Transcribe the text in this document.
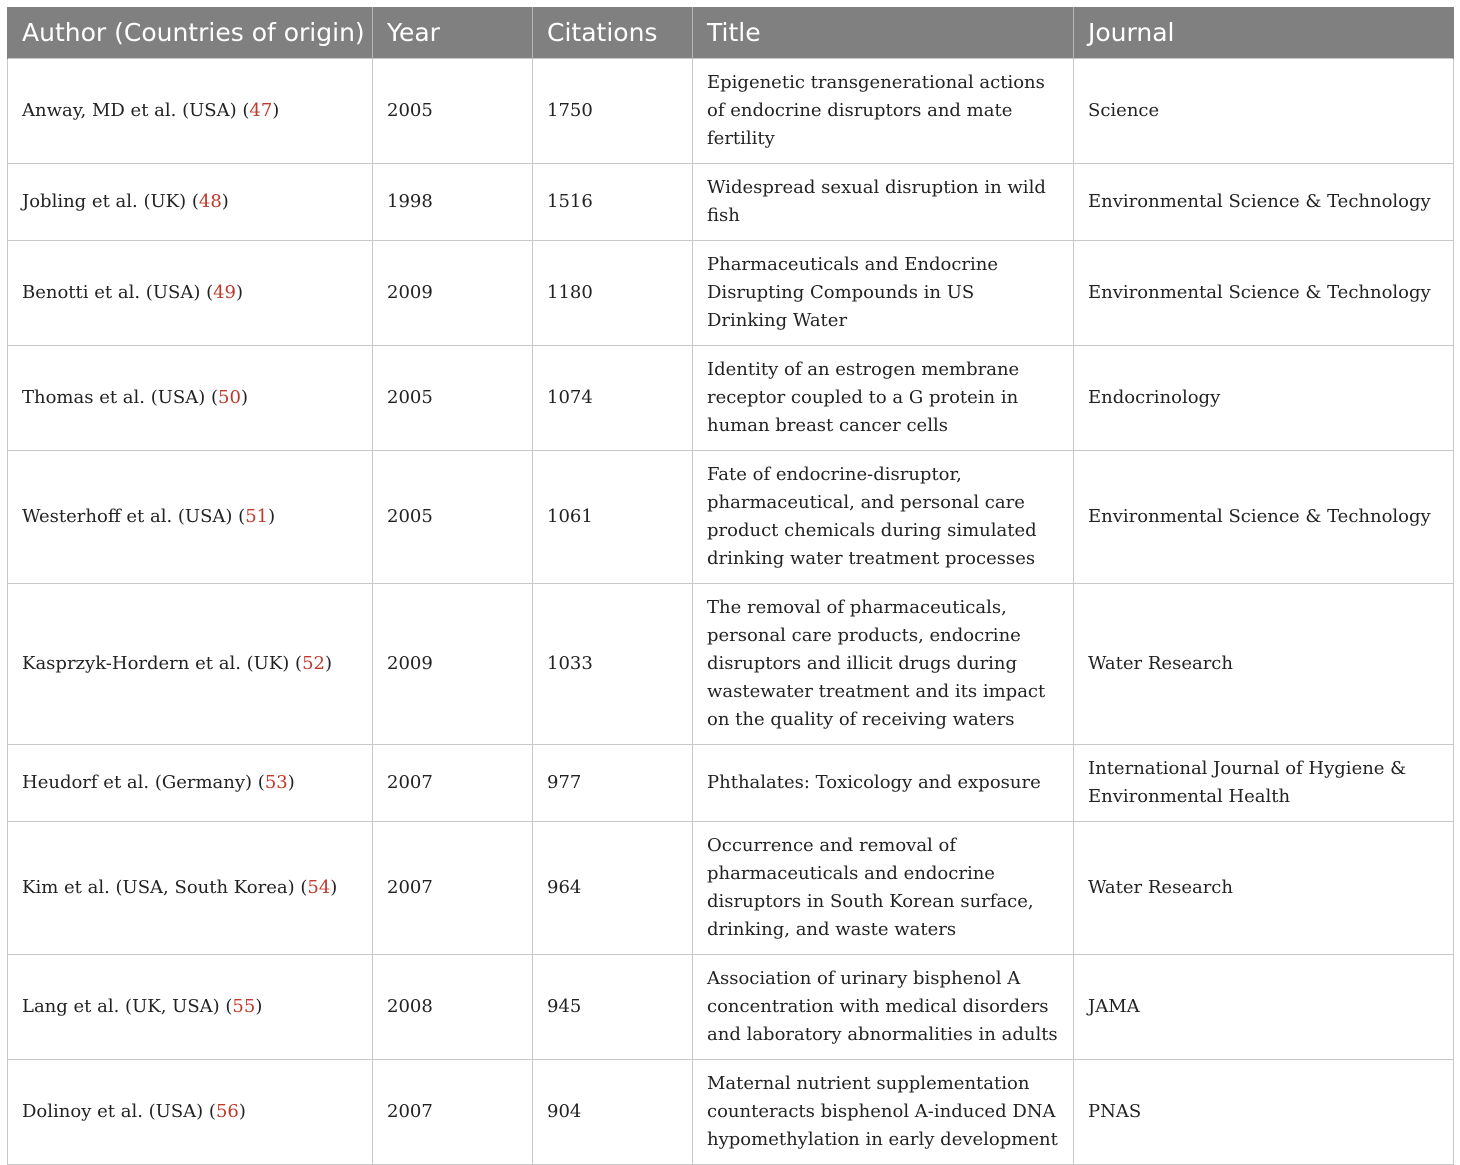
Author (Countries of origin)	Year	Citations	Title	Journal
Anway, MD et al. (USA) (47)	2005	1750	Epigenetic transgenerational actions of endocrine disruptors and mate fertility	Science
Jobling et al. (UK) (48)	1998	1516	Widespread sexual disruption in wild fish	Environmental Science & Technology
Benotti et al. (USA) (49)	2009	1180	Pharmaceuticals and Endocrine Disrupting Compounds in US Drinking Water	Environmental Science & Technology
Thomas et al. (USA) (50)	2005	1074	Identity of an estrogen membrane receptor coupled to a G protein in human breast cancer cells	Endocrinology
Westerhoff et al. (USA) (51)	2005	1061	Fate of endocrine-disruptor, pharmaceutical, and personal care product chemicals during simulated drinking water treatment processes	Environmental Science & Technology
Kasprzyk-Hordern et al. (UK) (52)	2009	1033	The removal of pharmaceuticals, personal care products, endocrine disruptors and illicit drugs during wastewater treatment and its impact on the quality of receiving waters	Water Research
Heudorf et al. (Germany) (53)	2007	977	Phthalates: Toxicology and exposure	International Journal of Hygiene & Environmental Health
Kim et al. (USA, South Korea) (54)	2007	964	Occurrence and removal of pharmaceuticals and endocrine disruptors in South Korean surface, drinking, and waste waters	Water Research
Lang et al. (UK, USA) (55)	2008	945	Association of urinary bisphenol A concentration with medical disorders and laboratory abnormalities in adults	JAMA
Dolinoy et al. (USA) (56)	2007	904	Maternal nutrient supplementation counteracts bisphenol A-induced DNA hypomethylation in early development	PNAS
